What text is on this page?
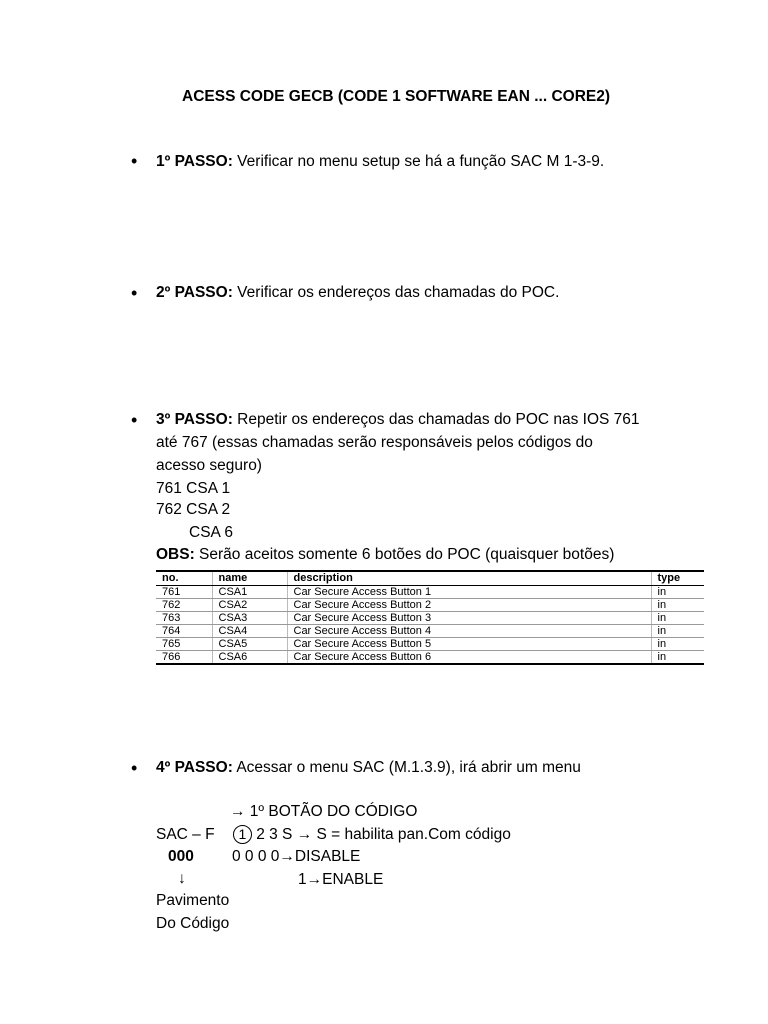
ACESS CODE GECB (CODE 1 SOFTWARE EAN ... CORE2)
• 1º PASSO: Verificar no menu setup se há a função SAC M 1-3-9.
• 2º PASSO: Verificar os endereços das chamadas do POC.
• 3º PASSO: Repetir os endereços das chamadas do POC nas IOS 761
até 767 (essas chamadas serão responsáveis pelos códigos do
acesso seguro)
761 CSA 1
762 CSA 2
CSA 6
OBS: Serão aceitos somente 6 botões do POC (quaisquer botões)
no.	name	description	type
761	CSA1	Car Secure Access Button 1	in
762	CSA2	Car Secure Access Button 2	in
763	CSA3	Car Secure Access Button 3	in
764	CSA4	Car Secure Access Button 4	in
765	CSA5	Car Secure Access Button 5	in
766	CSA6	Car Secure Access Button 6	in
• 4º PASSO: Acessar o menu SAC (M.1.3.9), irá abrir um menu
→ 1º BOTÃO DO CÓDIGO
SAC – F 1 2 3 S → S = habilita pan.Com código
000 0 0 0 0→DISABLE
↓	1→ENABLE
Pavimento
Do Código
